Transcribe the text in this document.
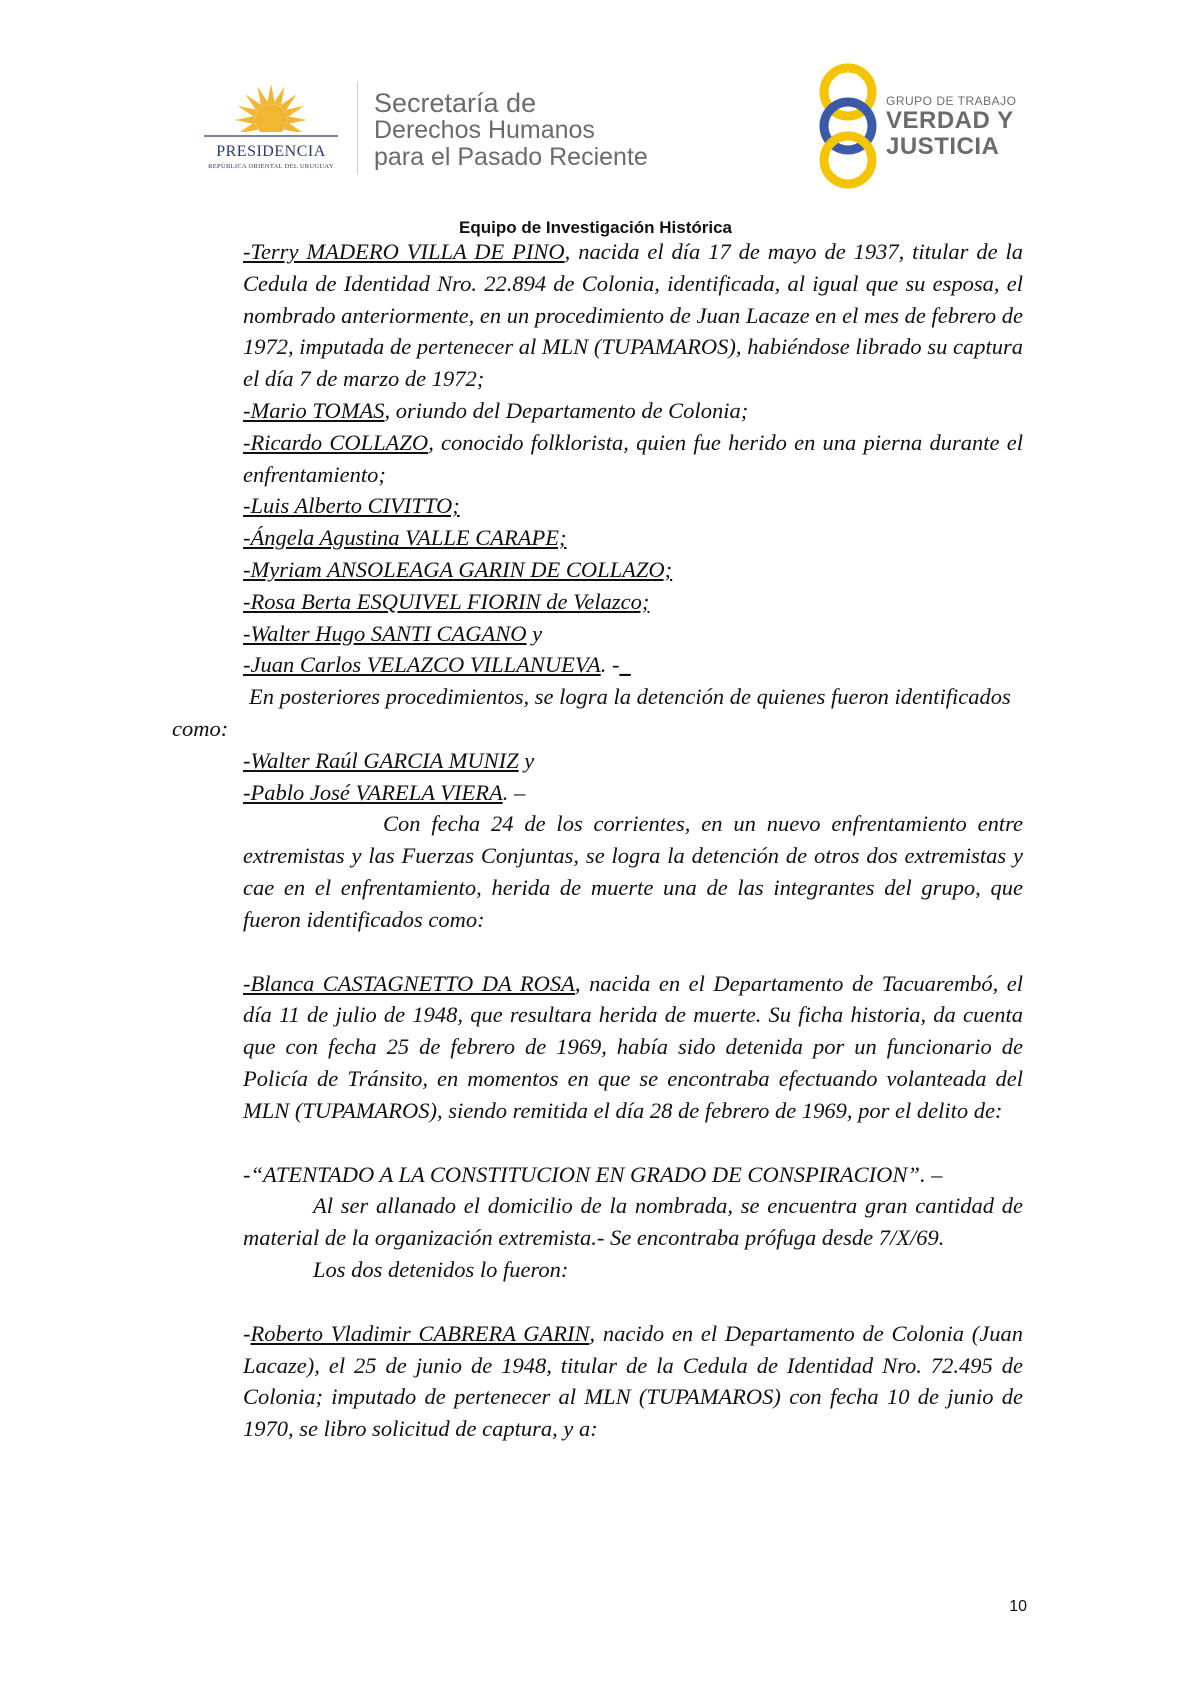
PRESIDENCIA
REPÚBLICA ORIENTAL DEL URUGUAY
Secretaría de
Derechos Humanos
para el Pasado Reciente
GRUPO DE TRABAJO
VERDAD Y
JUSTICIA
Equipo de Investigación Histórica

-Terry MADERO VILLA DE PINO, nacida el día 17 de mayo de 1937, titular de la Cedula de Identidad Nro. 22.894 de Colonia, identificada, al igual que su esposa, el nombrado anteriormente, en un procedimiento de Juan Lacaze en el mes de febrero de 1972, imputada de pertenecer al MLN (TUPAMAROS), habiéndose librado su captura el día 7 de marzo de 1972;

-Mario TOMAS, oriundo del Departamento de Colonia;

-Ricardo COLLAZO, conocido folklorista, quien fue herido en una pierna durante el enfrentamiento;

-Luis Alberto CIVITTO;

-Ángela Agustina VALLE CARAPE;

-Myriam ANSOLEAGA GARIN DE COLLAZO;

-Rosa Berta ESQUIVEL FIORIN de Velazco;

-Walter Hugo SANTI CAGANO y

-Juan Carlos VELAZCO VILLANUEVA. -_

En posteriores procedimientos, se logra la detención de quienes fueron identificados como:

-Walter Raúl GARCIA MUNIZ y

-Pablo José VARELA VIERA. –

Con fecha 24 de los corrientes, en un nuevo enfrentamiento entre extremistas y las Fuerzas Conjuntas, se logra la detención de otros dos extremistas y cae en el enfrentamiento, herida de muerte una de las integrantes del grupo, que fueron identificados como:

-Blanca CASTAGNETTO DA ROSA, nacida en el Departamento de Tacuarembó, el día 11 de julio de 1948, que resultara herida de muerte. Su ficha historia, da cuenta que con fecha 25 de febrero de 1969, había sido detenida por un funcionario de Policía de Tránsito, en momentos en que se encontraba efectuando volanteada del MLN (TUPAMAROS), siendo remitida el día 28 de febrero de 1969, por el delito de:

-“ATENTADO A LA CONSTITUCION EN GRADO DE CONSPIRACION”. –

Al ser allanado el domicilio de la nombrada, se encuentra gran cantidad de material de la organización extremista.- Se encontraba prófuga desde 7/X/69.

Los dos detenidos lo fueron:

-Roberto Vladimir CABRERA GARIN, nacido en el Departamento de Colonia (Juan Lacaze), el 25 de junio de 1948, titular de la Cedula de Identidad Nro. 72.495 de Colonia; imputado de pertenecer al MLN (TUPAMAROS) con fecha 10 de junio de 1970, se libro solicitud de captura, y a:

10
